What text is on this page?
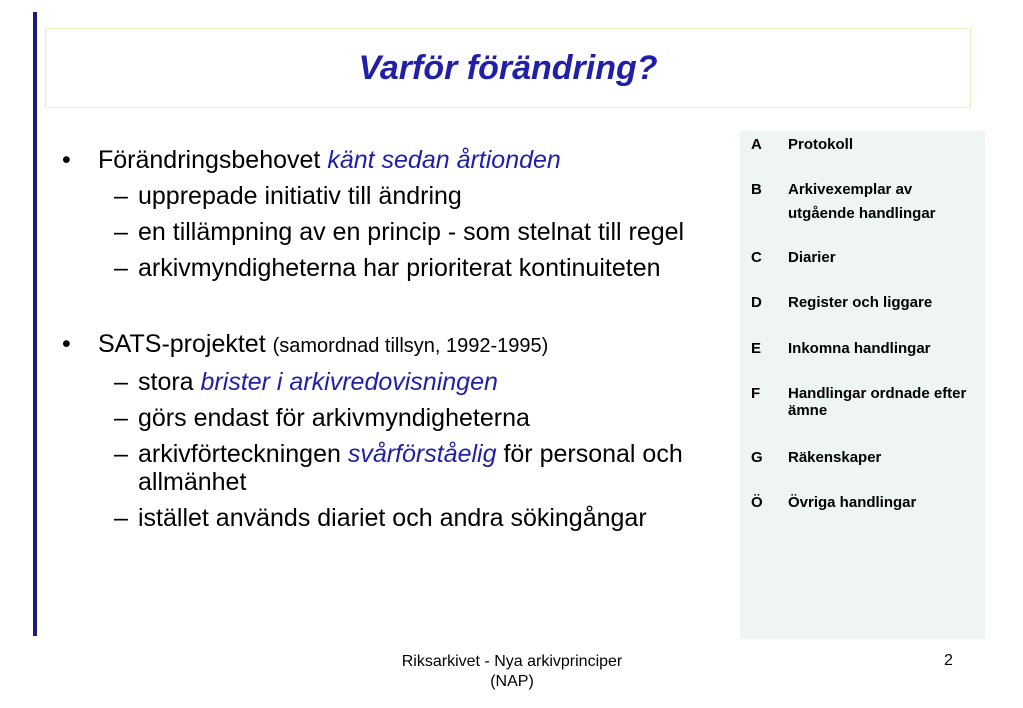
Varför förändring?
• Förändringsbehovet känt sedan årtionden
– upprepade initiativ till ändring
– en tillämpning av en princip - som stelnat till regel
– arkivmyndigheterna har prioriterat kontinuiteten
• SATS-projektet (samordnad tillsyn, 1992-1995)
– stora brister i arkivredovisningen
– görs endast för arkivmyndigheterna
– arkivförteckningen svårförståelig för personal och allmänhet
– istället används diariet och andra sökingångar
A Protokoll
B Arkivexemplar av utgående handlingar
C Diarier
D Register och liggare
E Inkomna handlingar
F Handlingar ordnade efter ämne
G Räkenskaper
Ö Övriga handlingar
Riksarkivet - Nya arkivprinciper
(NAP)
2
